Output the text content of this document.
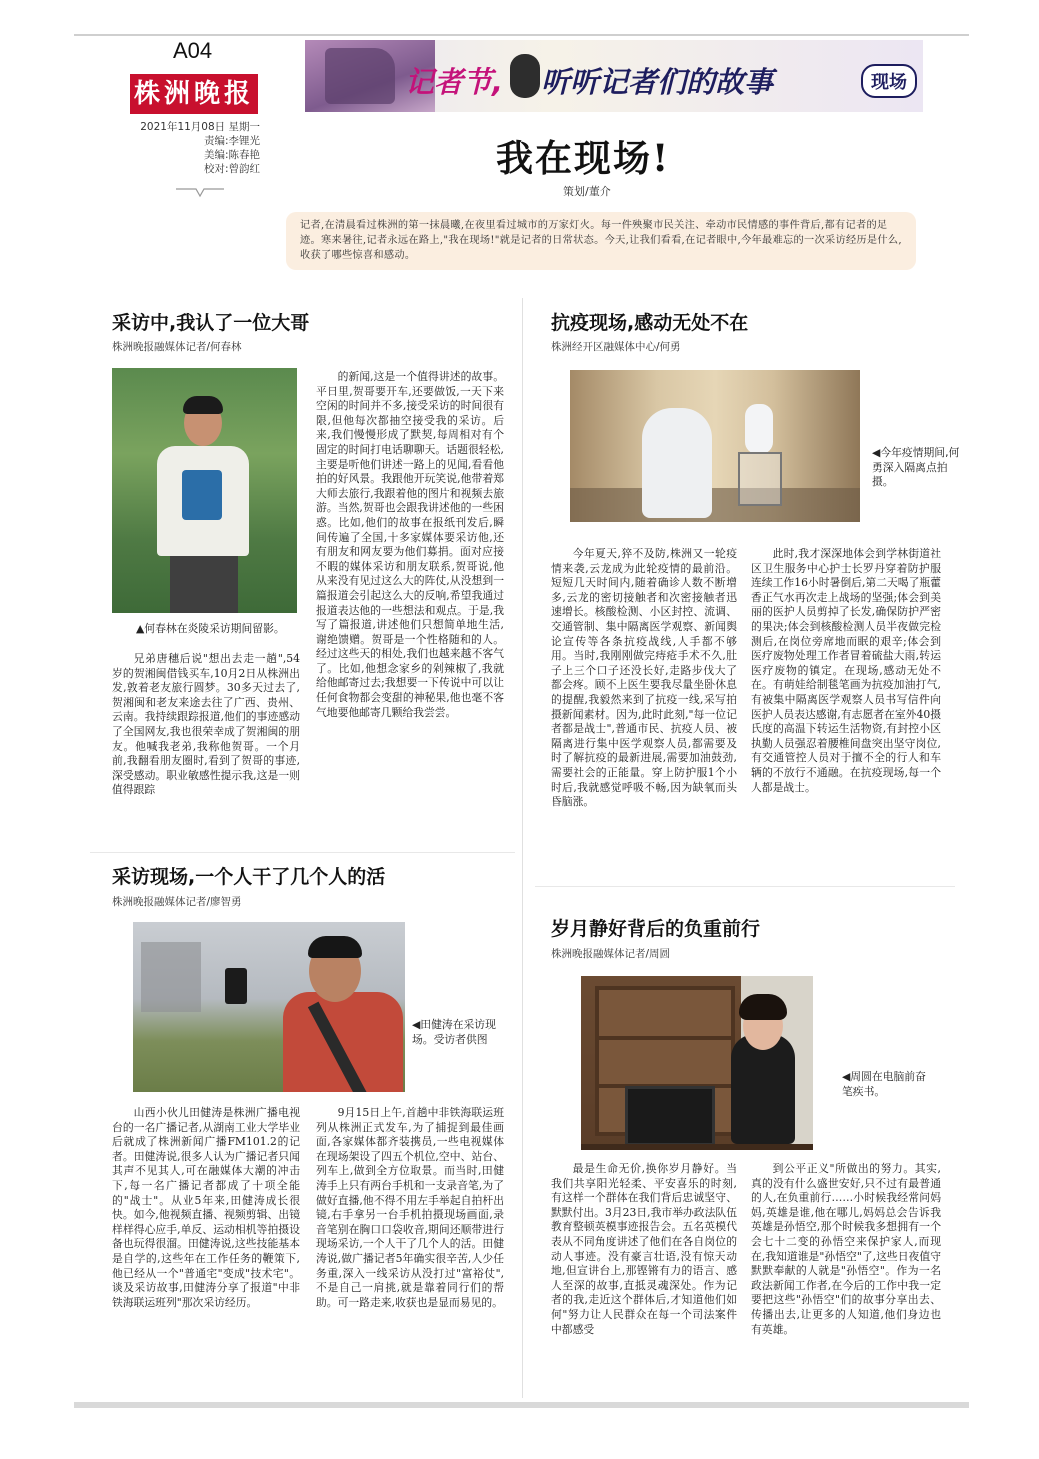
A04
株洲晚报
2021年11月08日 星期一
责编:李锂光
美编:陈春艳
校对:曾韵红
记者节, 听听记者们的故事	现场
我在现场!
策划/董介
记者,在清晨看过株洲的第一抹晨曦,在夜里看过城市的万家灯火。每一件殃聚市民关注、牵动市民情感的事件背后,都有记者的足迹。寒来暑往,记者永远在路上,"我在现场!"就是记者的日常状态。今天,让我们看看,在记者眼中,今年最难忘的一次采访经历是什么,收获了哪些惊喜和感动。
采访中,我认了一位大哥
株洲晚报融媒体记者/何春林
▲何春林在炎陵采访期间留影。
兄弟唐穗后说"想出去走一趟",54岁的贺湘闽借钱买车,10月2日从株洲出发,敦着老友旅行圆梦。30多天过去了,贺湘闽和老友来途去往了广西、贵州、云南。我持续跟踪报道,他们的事迹感动了全国网友,我也很荣幸成了贺湘闽的朋友。他喊我老弟,我称他贺哥。一个月前,我翻看朋友圈时,看到了贺哥的事迹,深受感动。职业敏感性提示我,这是一则值得跟踪
的新闻,这是一个值得讲述的故事。平日里,贺哥要开车,还要做饭,一天下来空闲的时间并不多,接受采访的时间很有限,但他每次都抽空接受我的采访。后来,我们慢慢形成了默契,每周相对有个固定的时间打电话聊聊天。话题很轻松,主要是听他们讲述一路上的见闻,看看他拍的好风景。我跟他开玩笑说,他带着郑大师去旅行,我跟着他的图片和视频去旅游。当然,贺哥也会跟我讲述他的一些困惑。比如,他们的故事在报纸刊发后,瞬间传遍了全国,十多家媒体要采访他,还有朋友和网友要为他们募捐。面对应接不暇的媒体采访和朋友联系,贺哥说,他从来没有见过这么大的阵仗,从没想到一篇报道会引起这么大的反响,希望我通过报道表达他的一些想法和观点。于是,我写了篇报道,讲述他们只想简单地生活,谢绝馈赠。贺哥是一个性格随和的人。经过这些天的相处,我们也越来越不客气了。比如,他想念家乡的剁辣椒了,我就给他邮寄过去;我想要一下传说中可以让任何食物都会变甜的神秘果,他也毫不客气地要他邮寄几颗给我尝尝。
抗疫现场,感动无处不在
株洲经开区融媒体中心/何勇
◀今年疫情期间,何勇深入隔离点拍摄。
今年夏天,猝不及防,株洲又一轮疫情来袭,云龙成为此轮疫情的最前沿。短短几天时间内,随着确诊人数不断增多,云龙的密切接触者和次密接触者迅速增长。核酸检测、小区封控、流调、交通管制、集中隔离医学观察、新闻舆论宣传等各条抗疫战线,人手都不够用。当时,我刚刚做完痔疮手术不久,肚子上三个口子还没长好,走路步伐大了都会疼。顾不上医生要我尽量坐卧休息的提醒,我毅然来到了抗疫一线,采写拍摄新闻素材。因为,此时此刻,"每一位记者都是战士",普通市民、抗疫人员、被隔离进行集中医学观察人员,都需要及时了解抗疫的最新进展,需要加油鼓劲,需要社会的正能量。穿上防护服1个小时后,我就感觉呼吸不畅,因为缺氧而头昏脑涨。
此时,我才深深地体会到学林街道社区卫生服务中心护士长罗丹穿着防护服连续工作16小时暑倒后,第二天喝了瓶藿香正气水再次走上战场的坚强;体会到美丽的医护人员剪掉了长发,确保防护严密的果决;体会到核酸检测人员半夜做完检测后,在岗位旁席地而眠的艰辛;体会到医疗废物处理工作者冒着硫盐大雨,转运医疗废物的镇定。在现场,感动无处不在。有萌娃给制毯笔画为抗疫加油打气,有被集中隔离医学观察人员书写信件向医护人员表达感谢,有志愿者在室外40摄氏度的高温下转运生活物资,有封控小区执勤人员强忍着腰椎间盘突出坚守岗位,有交通管控人员对于擅不全的行人和车辆的不放行不通融。在抗疫现场,每一个人都是战士。
采访现场,一个人干了几个人的活
株洲晚报融媒体记者/廖智勇
◀田健涛在采访现场。受访者供图
山西小伙儿田健涛是株洲广播电视台的一名广播记者,从湖南工业大学毕业后就成了株洲新闻广播FM101.2的记者。田健涛说,很多人认为广播记者只闻其声不见其人,可在融媒体大潮的冲击下,每一名广播记者都成了十项全能的"战士"。从业5年来,田健涛成长很快。如今,他视频直播、视频剪辑、出镜样样得心应手,单反、运动相机等拍摄设备也玩得很溜。田健涛说,这些技能基本是自学的,这些年在工作任务的鞭策下,他已经从一个"普通宅"变成"技术宅"。谈及采访故事,田健涛分享了报道"中非铁海联运班列"那次采访经历。
9月15日上午,首趟中非铁海联运班列从株洲正式发车,为了捕捉到最佳画面,各家媒体都齐装携员,一些电视媒体在现场架设了四五个机位,空中、站台、列车上,做到全方位取景。而当时,田健涛手上只有两台手机和一支录音笔,为了做好直播,他不得不用左手举起自拍杆出镜,右手拿另一台手机拍摄现场画面,录音笔别在胸口口袋收音,期间还顺带进行现场采访,一个人干了几个人的活。田健涛说,做广播记者5年确实很辛苦,人少任务重,深入一线采访从没打过"富裕仗",不是自己一肩挑,就是靠着同行们的帮助。可一路走来,收获也是显而易见的。
岁月静好背后的负重前行
株洲晚报融媒体记者/周圆
◀周圆在电脑前奋笔疾书。
最是生命无价,换你岁月静好。当我们共享阳光轻柔、平安喜乐的时刻,有这样一个群体在我们背后忠诚坚守、默默付出。3月23日,我市举办政法队伍教育整顿英模事迹报告会。五名英模代表从不同角度讲述了他们在各自岗位的动人事迹。没有豪言壮语,没有惊天动地,但宣讲台上,那铿锵有力的语言、感人至深的故事,直抵灵魂深处。作为记者的我,走近这个群体后,才知道他们如何"努力让人民群众在每一个司法案件中都感受
到公平正义"所做出的努力。其实,真的没有什么盛世安好,只不过有最普通的人,在负重前行……小时候我经常问妈妈,英雄是谁,他在哪儿,妈妈总会告诉我英雄是孙悟空,那个时候我多想拥有一个会七十二变的孙悟空来保护家人,而现在,我知道谁是"孙悟空"了,这些日夜值守默默奉献的人就是"孙悟空"。作为一名政法新闻工作者,在今后的工作中我一定要把这些"孙悟空"们的故事分享出去、传播出去,让更多的人知道,他们身边也有英雄。
